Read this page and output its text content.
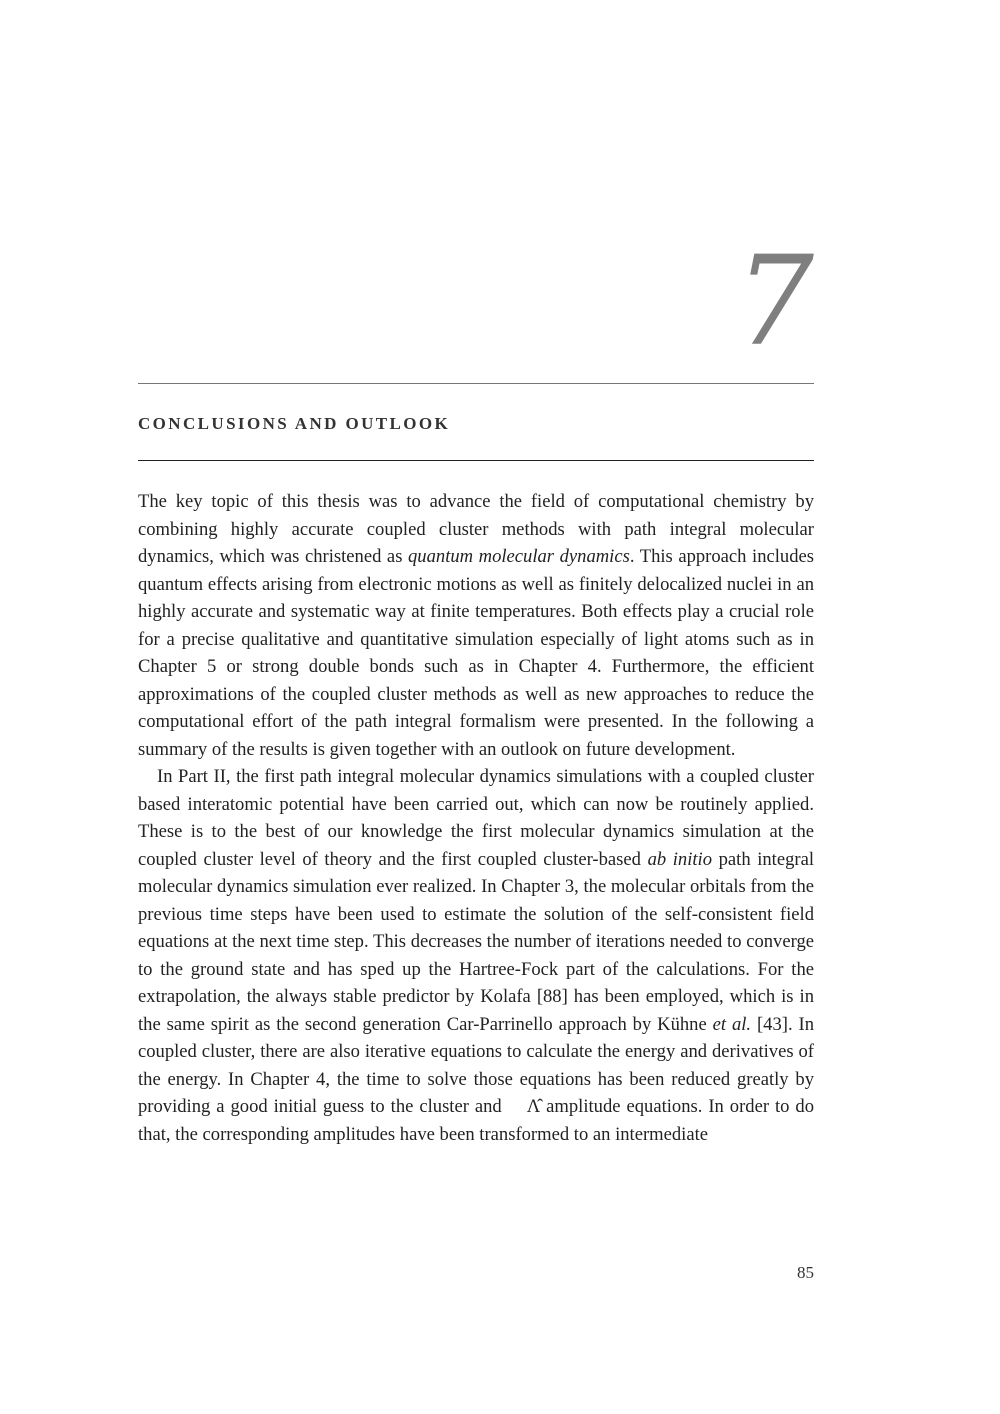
7
CONCLUSIONS AND OUTLOOK

The key topic of this thesis was to advance the field of computational chemistry by combining highly accurate coupled cluster methods with path integral molecular dynamics, which was christened as quantum molecular dynamics. This approach includes quantum effects arising from electronic motions as well as finitely delocalized nuclei in an highly accurate and systematic way at finite temperatures. Both effects play a crucial role for a precise qualitative and quantitative simulation especially of light atoms such as in Chapter 5 or strong double bonds such as in Chapter 4. Furthermore, the efficient approximations of the coupled cluster methods as well as new approaches to reduce the computational effort of the path integral formalism were presented. In the following a summary of the results is given together with an outlook on future development.

In Part II, the first path integral molecular dynamics simulations with a coupled cluster based interatomic potential have been carried out, which can now be routinely applied. These is to the best of our knowledge the first molecular dynamics simulation at the coupled cluster level of theory and the first coupled cluster-based ab initio path integral molecular dynamics simulation ever realized. In Chapter 3, the molecular orbitals from the previous time steps have been used to estimate the solution of the self-consistent field equations at the next time step. This decreases the number of iterations needed to converge to the ground state and has sped up the Hartree-Fock part of the calculations. For the extrapolation, the always stable predictor by Kolafa [88] has been employed, which is in the same spirit as the second generation Car-Parrinello approach by Kühne et al. [43]. In coupled cluster, there are also iterative equations to calculate the energy and derivatives of the energy. In Chapter 4, the time to solve those equations has been reduced greatly by providing a good initial guess to the cluster and Λ̂ amplitude equations. In order to do that, the corresponding amplitudes have been transformed to an intermediate

85
